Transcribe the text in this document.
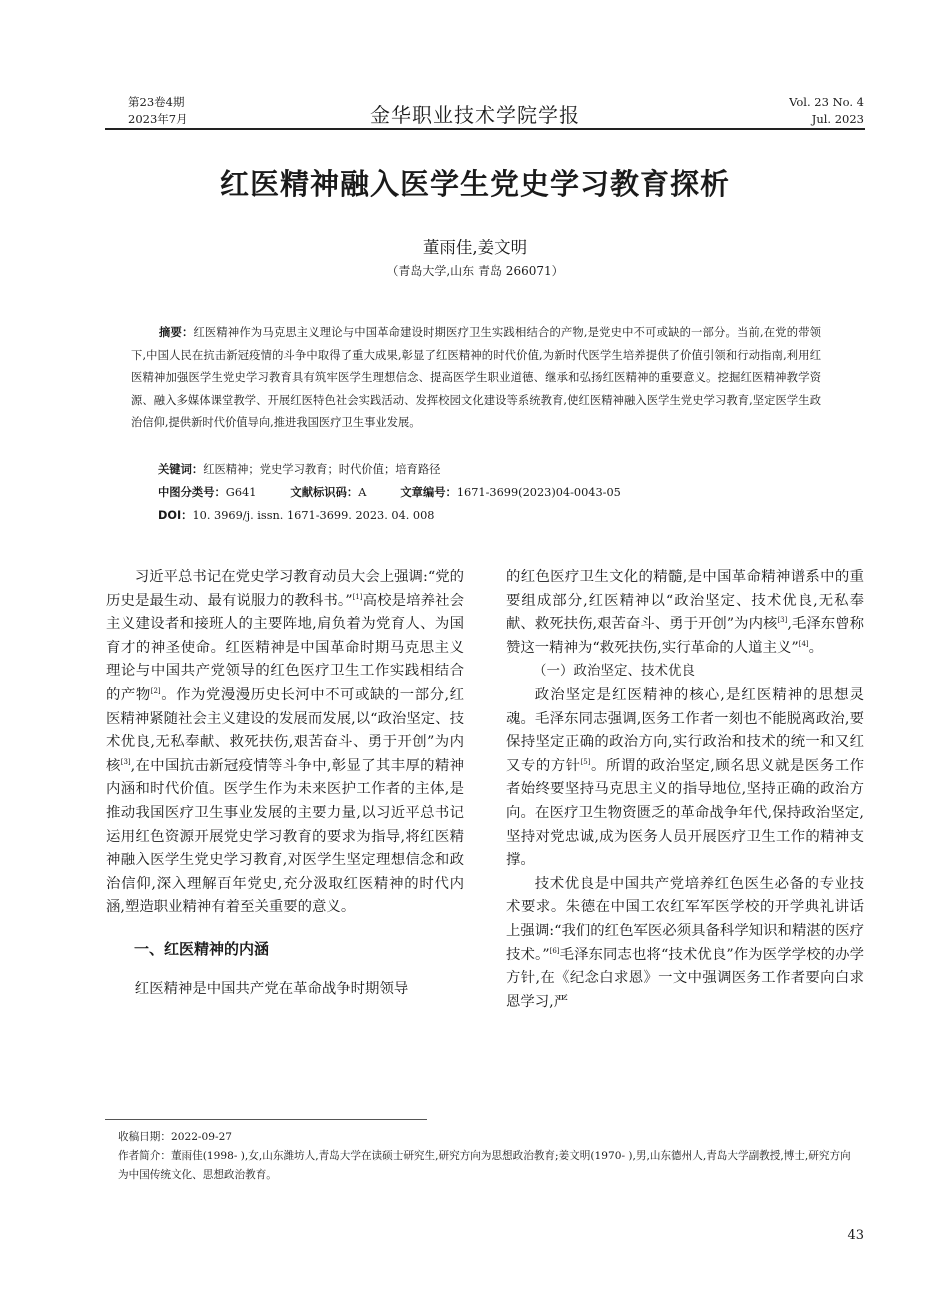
第23卷4期
2023年7月	金华职业技术学院学报
Vol. 23 No. 4
Jul. 2023
红医精神融入医学生党史学习教育探析
董雨佳,姜文明
（青岛大学,山东 青岛 266071）
摘要：红医精神作为马克思主义理论与中国革命建设时期医疗卫生实践相结合的产物,是党史中不可或缺的一部分。当前,在党的带领下,中国人民在抗击新冠疫情的斗争中取得了重大成果,彰显了红医精神的时代价值,为新时代医学生培养提供了价值引领和行动指南,利用红医精神加强医学生党史学习教育具有筑牢医学生理想信念、提高医学生职业道德、继承和弘扬红医精神的重要意义。挖掘红医精神教学资源、融入多媒体课堂教学、开展红医特色社会实践活动、发挥校园文化建设等系统教育,使红医精神融入医学生党史学习教育,坚定医学生政治信仰,提供新时代价值导向,推进我国医疗卫生事业发展。
关键词：红医精神；党史学习教育；时代价值；培育路径
中图分类号：G641	文献标识码：A	文章编号：1671-3699(2023)04-0043-05
DOI：10. 3969/j. issn. 1671-3699. 2023. 04. 008

习近平总书记在党史学习教育动员大会上强调:“党的历史是最生动、最有说服力的教科书。”[1]高校是培养社会主义建设者和接班人的主要阵地,肩负着为党育人、为国育才的神圣使命。红医精神是中国革命时期马克思主义理论与中国共产党领导的红色医疗卫生工作实践相结合的产物[2]。作为党漫漫历史长河中不可或缺的一部分,红医精神紧随社会主义建设的发展而发展,以“政治坚定、技术优良,无私奉献、救死扶伤,艰苦奋斗、勇于开创”为内核[3],在中国抗击新冠疫情等斗争中,彰显了其丰厚的精神内涵和时代价值。医学生作为未来医护工作者的主体,是推动我国医疗卫生事业发展的主要力量,以习近平总书记运用红色资源开展党史学习教育的要求为指导,将红医精神融入医学生党史学习教育,对医学生坚定理想信念和政治信仰,深入理解百年党史,充分汲取红医精神的时代内涵,塑造职业精神有着至关重要的意义。

一、红医精神的内涵

红医精神是中国共产党在革命战争时期领导

的红色医疗卫生文化的精髓,是中国革命精神谱系中的重要组成部分,红医精神以“政治坚定、技术优良,无私奉献、救死扶伤,艰苦奋斗、勇于开创”为内核[3],毛泽东曾称赞这一精神为“救死扶伤,实行革命的人道主义”[4]。

（一）政治坚定、技术优良

政治坚定是红医精神的核心,是红医精神的思想灵魂。毛泽东同志强调,医务工作者一刻也不能脱离政治,要保持坚定正确的政治方向,实行政治和技术的统一和又红又专的方针[5]。所谓的政治坚定,顾名思义就是医务工作者始终要坚持马克思主义的指导地位,坚持正确的政治方向。在医疗卫生物资匮乏的革命战争年代,保持政治坚定,坚持对党忠诚,成为医务人员开展医疗卫生工作的精神支撑。

技术优良是中国共产党培养红色医生必备的专业技术要求。朱德在中国工农红军军医学校的开学典礼讲话上强调:“我们的红色军医必须具备科学知识和精湛的医疗技术。”[6]毛泽东同志也将“技术优良”作为医学学校的办学方针,在《纪念白求恩》一文中强调医务工作者要向白求恩学习,严

收稿日期：2022-09-27

作者简介：董雨佳(1998- ),女,山东潍坊人,青岛大学在读硕士研究生,研究方向为思想政治教育;姜文明(1970- ),男,山东德州人,青岛大学副教授,博士,研究方向为中国传统文化、思想政治教育。

43
